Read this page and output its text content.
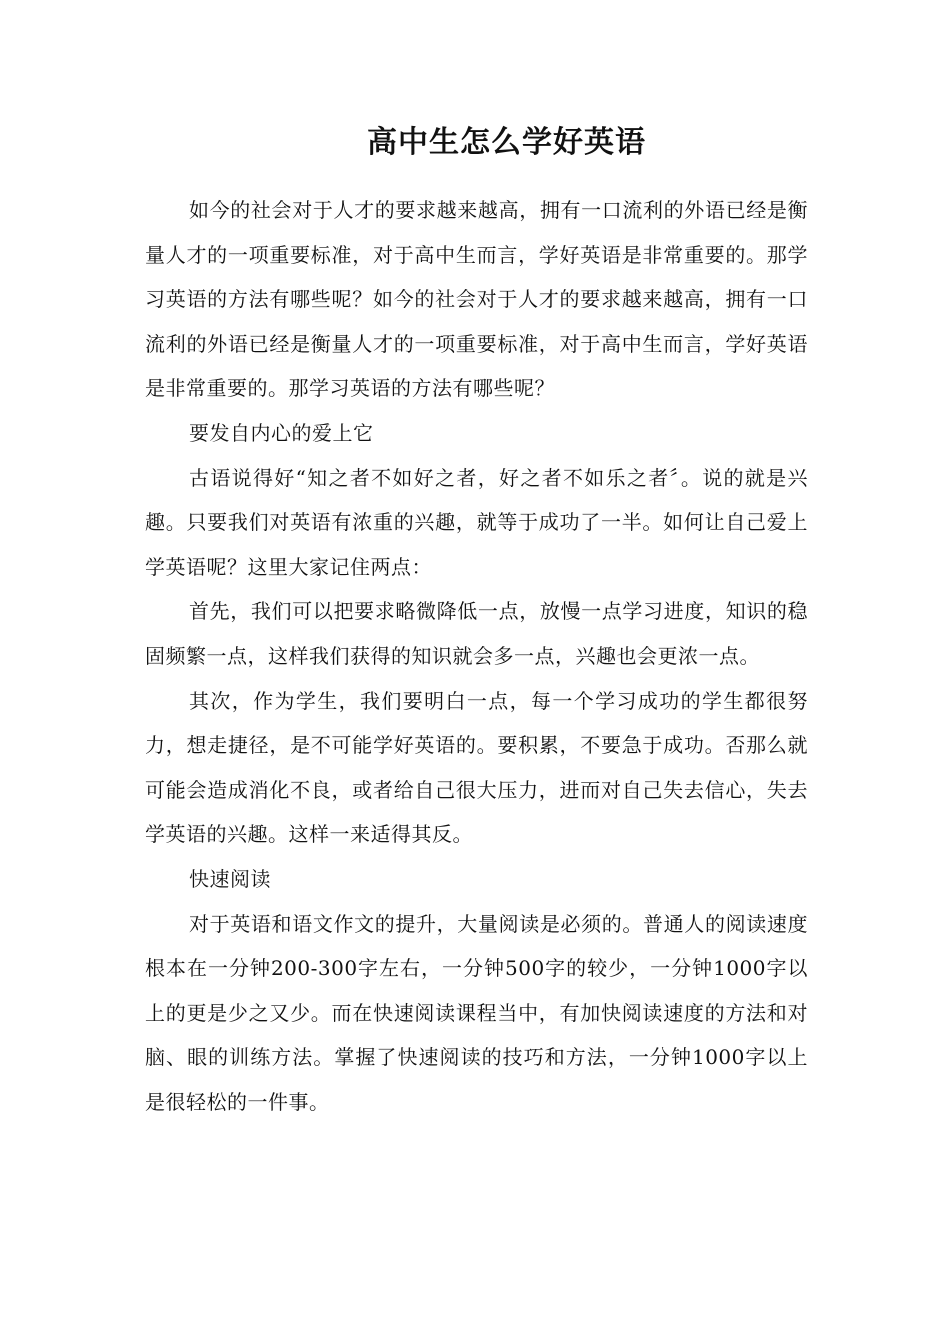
高中生怎么学好英语

如今的社会对于人才的要求越来越高，拥有一口流利的外语已经是衡量人才的一项重要标准，对于高中生而言，学好英语是非常重要的。那学习英语的方法有哪些呢？如今的社会对于人才的要求越来越高，拥有一口流利的外语已经是衡量人才的一项重要标准，对于高中生而言，学好英语是非常重要的。那学习英语的方法有哪些呢？

要发自内心的爱上它

古语说得好“知之者不如好之者，好之者不如乐之者〞。说的就是兴趣。只要我们对英语有浓重的兴趣，就等于成功了一半。如何让自己爱上学英语呢？这里大家记住两点：

首先，我们可以把要求略微降低一点，放慢一点学习进度，知识的稳固频繁一点，这样我们获得的知识就会多一点，兴趣也会更浓一点。

其次，作为学生，我们要明白一点，每一个学习成功的学生都很努力，想走捷径，是不可能学好英语的。要积累，不要急于成功。否那么就可能会造成消化不良，或者给自己很大压力，进而对自己失去信心，失去学英语的兴趣。这样一来适得其反。

快速阅读

对于英语和语文作文的提升，大量阅读是必须的。普通人的阅读速度根本在一分钟200-300字左右，一分钟500字的较少，一分钟1000字以上的更是少之又少。而在快速阅读课程当中，有加快阅读速度的方法和对脑、眼的训练方法。掌握了快速阅读的技巧和方法，一分钟1000字以上是很轻松的一件事。
